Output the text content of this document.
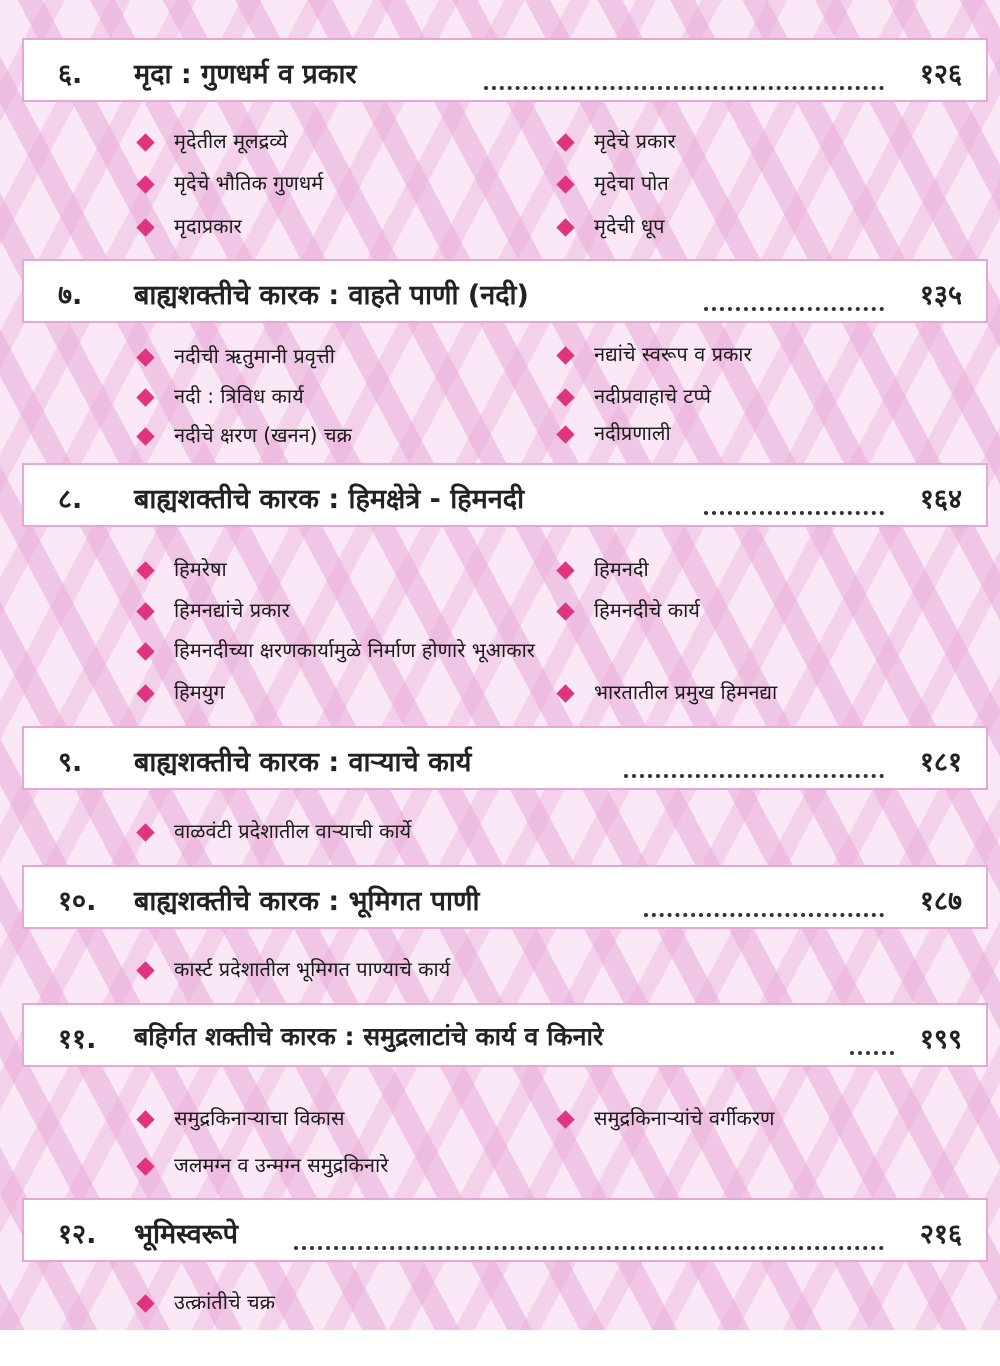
६. मृदा : गुणधर्म व प्रकार	१२६
मृदेतील मूलद्रव्ये	मृदेचे प्रकार
मृदेचे भौतिक गुणधर्म	मृदेचा पोत
मृदाप्रकार	मृदेची धूप
७. बाह्यशक्तीचे कारक : वाहते पाणी (नदी)	१३५
नदीची ऋतुमानी प्रवृत्ती	नद्यांचे स्वरूप व प्रकार
नदी : त्रिविध कार्य	नदीप्रवाहाचे टप्पे
नदीचे क्षरण (खनन) चक्र	नदीप्रणाली
८. बाह्यशक्तीचे कारक : हिमक्षेत्रे - हिमनदी	१६४
हिमरेषा	हिमनदी
हिमनद्यांचे प्रकार	हिमनदीचे कार्य
हिमनदीच्या क्षरणकार्यामुळे निर्माण होणारे भूआकार
हिमयुग	भारतातील प्रमुख हिमनद्या
९. बाह्यशक्तीचे कारक : वाऱ्याचे कार्य	१८१
वाळवंटी प्रदेशातील वाऱ्याची कार्ये
१०. बाह्यशक्तीचे कारक : भूमिगत पाणी	१८७
कार्स्ट प्रदेशातील भूमिगत पाण्याचे कार्य
११. बहिर्गत शक्तीचे कारक : समुद्रलाटांचे कार्य व किनारे	१९९
समुद्रकिनाऱ्याचा विकास	समुद्रकिनाऱ्यांचे वर्गीकरण
जलमग्न व उन्मग्न समुद्रकिनारे
१२. भूमिस्वरूपे	२१६
उत्क्रांतीचे चक्र
